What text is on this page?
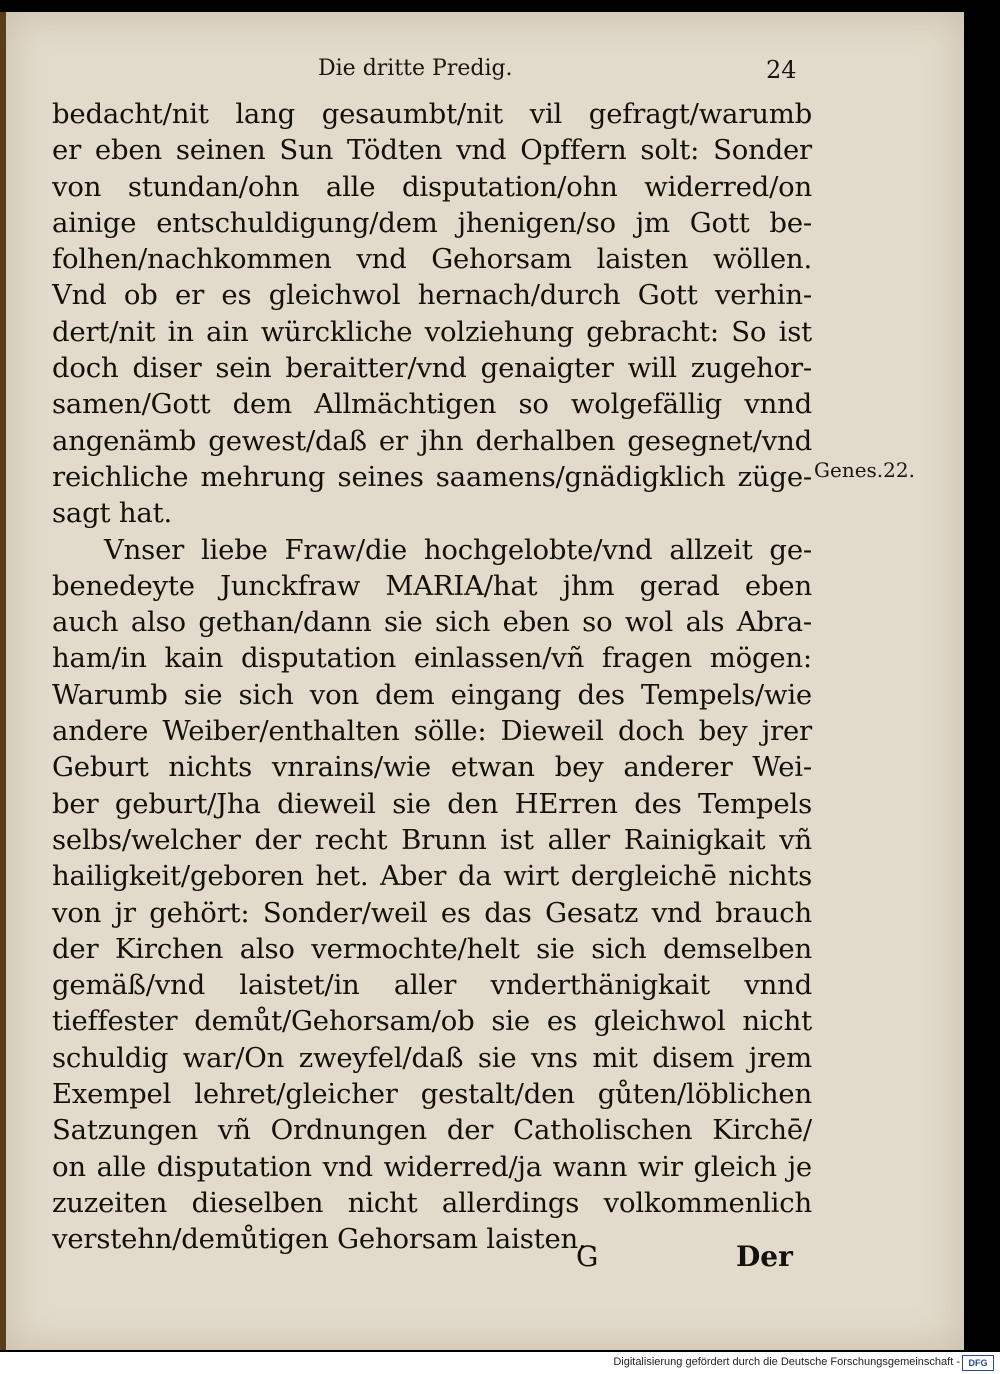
Die dritte Predig.	24
bedacht/nit lang gesaumbt/nit vil gefragt/warumb
er eben seinen Sun Tödten vnd Opffern solt: Sonder
von stundan/ohn alle disputation/ohn widerred/on
ainige entschuldigung/dem jhenigen/so jm Gott be-
folhen/nachkommen vnd Gehorsam laisten wöllen.
Vnd ob er es gleichwol hernach/durch Gott verhin-
dert/nit in ain würckliche volziehung gebracht: So ist
doch diser sein beraitter/vnd genaigter will zugehor-
samen/Gott dem Allmächtigen so wolgefällig vnnd
angenämb gewest/daß er jhn derhalben gesegnet/vnd
reichliche mehrung seines saamens/gnädigklich züge-
sagt hat.
Vnser liebe Fraw/die hochgelobte/vnd allzeit ge-
benedeyte Junckfraw MARIA/hat jhm gerad eben
auch also gethan/dann sie sich eben so wol als Abra-
ham/in kain disputation einlassen/vñ fragen mögen:
Warumb sie sich von dem eingang des Tempels/wie
andere Weiber/enthalten sölle: Dieweil doch bey jrer
Geburt nichts vnrains/wie etwan bey anderer Wei-
ber geburt/Jha dieweil sie den HErren des Tempels
selbs/welcher der recht Brunn ist aller Rainigkait vñ
hailigkeit/geboren het. Aber da wirt dergleichē nichts
von jr gehört: Sonder/weil es das Gesatz vnd brauch
der Kirchen also vermochte/helt sie sich demselben
gemäß/vnd laistet/in aller vnderthänigkait vnnd
tieffester demůt/Gehorsam/ob sie es gleichwol nicht
schuldig war/On zweyfel/daß sie vns mit disem jrem
Exempel lehret/gleicher gestalt/den gůten/löblichen
Satzungen vñ Ordnungen der Catholischen Kirchē/
on alle disputation vnd widerred/ja wann wir gleich je
zuzeiten dieselben nicht allerdings volkommenlich
verstehn/demůtigen Gehorsam laisten.
Genes.22.
G	Der
Digitalisierung gefördert durch die Deutsche Forschungsgemeinschaft - DFG
